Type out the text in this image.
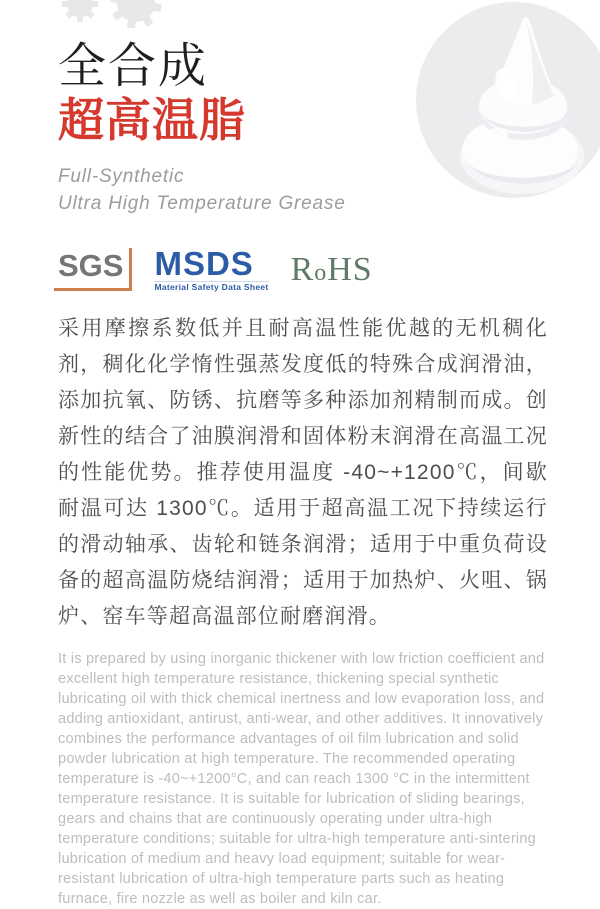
全合成
超高温脂
Full-Synthetic
Ultra High Temperature Grease
SGS MSDS
Material Safety Data Sheet RoHS

采用摩擦系数低并且耐高温性能优越的无机稠化剂，稠化化学惰性强蒸发度低的特殊合成润滑油，添加抗氧、防锈、抗磨等多种添加剂精制而成。创新性的结合了油膜润滑和固体粉末润滑在高温工况的性能优势。推荐使用温度 -40~+1200℃，间歇耐温可达 1300℃。适用于超高温工况下持续运行的滑动轴承、齿轮和链条润滑；适用于中重负荷设备的超高温防烧结润滑；适用于加热炉、火咀、锅炉、窑车等超高温部位耐磨润滑。

It is prepared by using inorganic thickener with low friction coefficient and excellent high temperature resistance, thickening special synthetic lubricating oil with thick chemical inertness and low evaporation loss, and adding antioxidant, antirust, anti-wear, and other additives. It innovatively combines the performance advantages of oil film lubrication and solid powder lubrication at high temperature. The recommended operating temperature is -40~+1200°C, and can reach 1300 °C in the intermittent temperature resistance. It is suitable for lubrication of sliding bearings, gears and chains that are continuously operating under ultra-high temperature conditions; suitable for ultra-high temperature anti-sintering lubrication of medium and heavy load equipment; suitable for wear-resistant lubrication of ultra-high temperature parts such as heating furnace, fire nozzle as well as boiler and kiln car.
